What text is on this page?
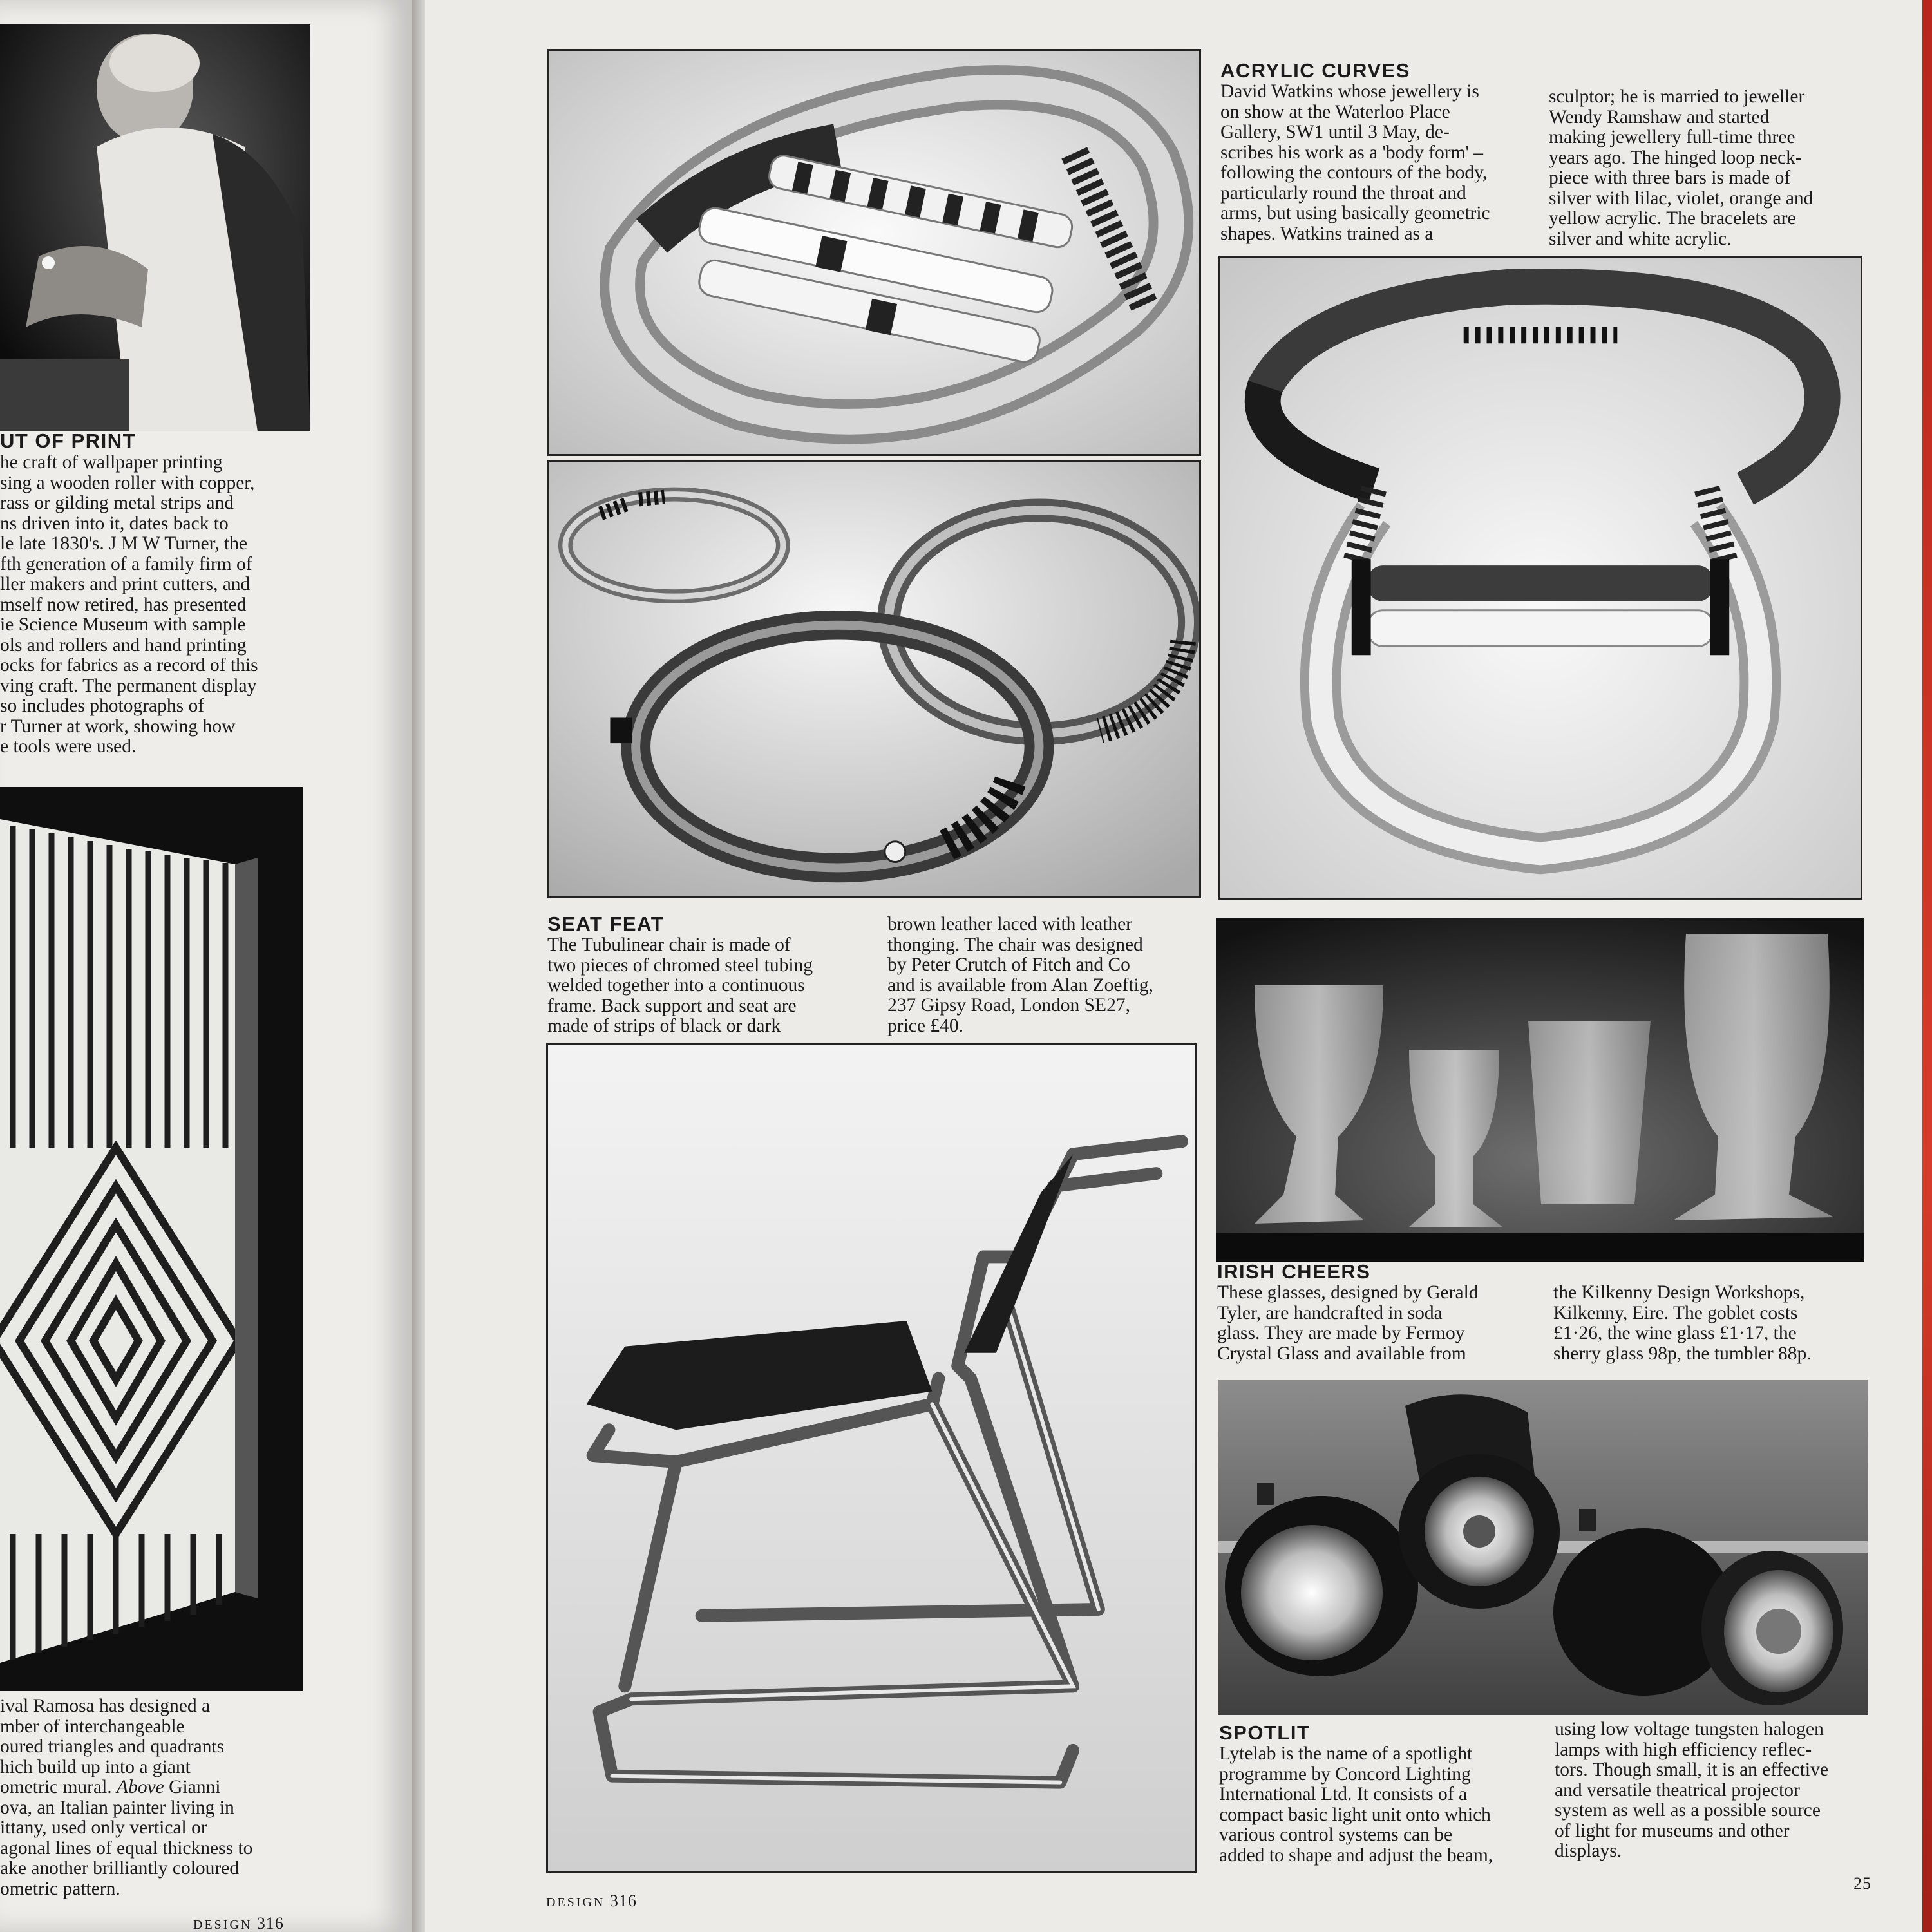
UT OF PRINT

he craft of wallpaper printing
sing a wooden roller with copper,
rass or gilding metal strips and
ns driven into it, dates back to
le late 1830's. J M W Turner, the
fth generation of a family firm of
ller makers and print cutters, and
mself now retired, has presented
ie Science Museum with sample
ols and rollers and hand printing
ocks for fabrics as a record of this
ving craft. The permanent display
so includes photographs of
r Turner at work, showing how
e tools were used.

ival Ramosa has designed a
mber of interchangeable
oured triangles and quadrants
hich build up into a giant
ometric mural. Above Gianni
ova, an Italian painter living in
ittany, used only vertical or
agonal lines of equal thickness to
ake another brilliantly coloured
ometric pattern.

DESIGN 316
ACRYLIC CURVES

David Watkins whose jewellery is
on show at the Waterloo Place
Gallery, SW1 until 3 May, de-
scribes his work as a 'body form' –
following the contours of the body,
particularly round the throat and
arms, but using basically geometric
shapes. Watkins trained as a

sculptor; he is married to jeweller
Wendy Ramshaw and started
making jewellery full-time three
years ago. The hinged loop neck-
piece with three bars is made of
silver with lilac, violet, orange and
yellow acrylic. The bracelets are
silver and white acrylic.

SEAT FEAT

The Tubulinear chair is made of
two pieces of chromed steel tubing
welded together into a continuous
frame. Back support and seat are
made of strips of black or dark

brown leather laced with leather
thonging. The chair was designed
by Peter Crutch of Fitch and Co
and is available from Alan Zoeftig,
237 Gipsy Road, London SE27,
price £40.

IRISH CHEERS

These glasses, designed by Gerald
Tyler, are handcrafted in soda
glass. They are made by Fermoy
Crystal Glass and available from

the Kilkenny Design Workshops,
Kilkenny, Eire. The goblet costs
£1·26, the wine glass £1·17, the
sherry glass 98p, the tumbler 88p.

SPOTLIT

Lytelab is the name of a spotlight
programme by Concord Lighting
International Ltd. It consists of a
compact basic light unit onto which
various control systems can be
added to shape and adjust the beam,

using low voltage tungsten halogen
lamps with high efficiency reflec-
tors. Though small, it is an effective
and versatile theatrical projector
system as well as a possible source
of light for museums and other
displays.

DESIGN 316
25
